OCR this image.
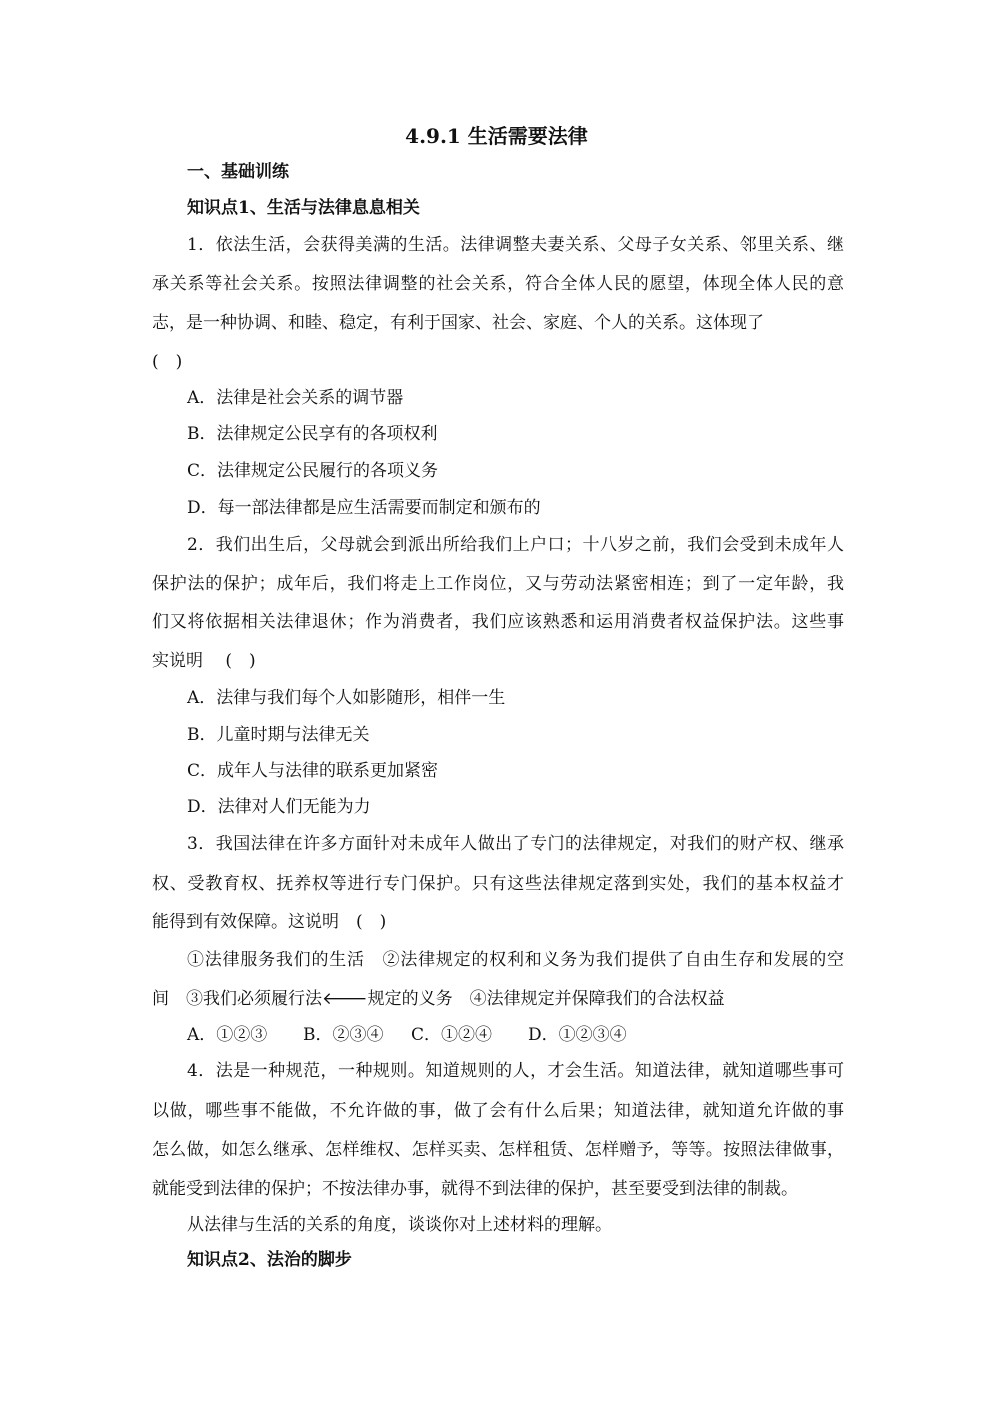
4.9.1 生活需要法律
一、基础训练
知识点1、生活与法律息息相关
1．依法生活，会获得美满的生活。法律调整夫妻关系、父母子女关系、邻里关系、继
承关系等社会关系。按照法律调整的社会关系，符合全体人民的愿望，体现全体人民的意
志，是一种协调、和睦、稳定，有利于国家、社会、家庭、个人的关系。这体现了
(　)
A．法律是社会关系的调节器
B．法律规定公民享有的各项权利
C．法律规定公民履行的各项义务
D．每一部法律都是应生活需要而制定和颁布的
2．我们出生后，父母就会到派出所给我们上户口；十八岁之前，我们会受到未成年人
保护法的保护；成年后，我们将走上工作岗位，又与劳动法紧密相连；到了一定年龄，我
们又将依据相关法律退休；作为消费者，我们应该熟悉和运用消费者权益保护法。这些事
实说明　 (　)
A．法律与我们每个人如影随形，相伴一生
B．儿童时期与法律无关
C．成年人与法律的联系更加紧密
D．法律对人们无能为力
3．我国法律在许多方面针对未成年人做出了专门的法律规定，对我们的财产权、继承
权、受教育权、抚养权等进行专门保护。只有这些法律规定落到实处，我们的基本权益才
能得到有效保障。这说明　(　)
①法律服务我们的生活　②法律规定的权利和义务为我们提供了自由生存和发展的空
间　③我们必须履行法🡐规定的义务　④法律规定并保障我们的合法权益
A．①②③ B．②③④ C．①②④ D．①②③④
4．法是一种规范，一种规则。知道规则的人，才会生活。知道法律，就知道哪些事可
以做，哪些事不能做，不允许做的事，做了会有什么后果；知道法律，就知道允许做的事
怎么做，如怎么继承、怎样维权、怎样买卖、怎样租赁、怎样赠予，等等。按照法律做事，
就能受到法律的保护；不按法律办事，就得不到法律的保护，甚至要受到法律的制裁。
从法律与生活的关系的角度，谈谈你对上述材料的理解。
知识点2、法治的脚步
